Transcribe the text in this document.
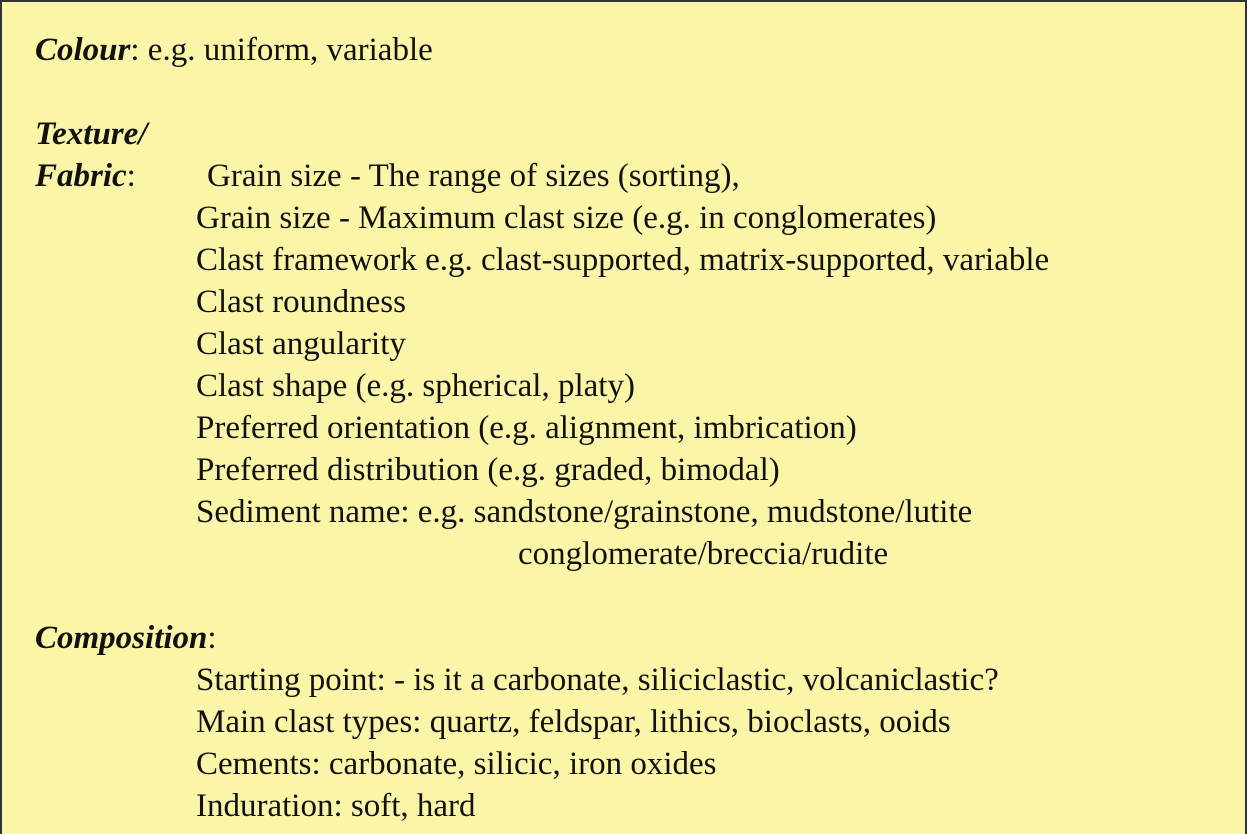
Colour: e.g. uniform, variable
Texture/
Fabric: Grain size - The range of sizes (sorting),
Grain size - Maximum clast size (e.g. in conglomerates)
Clast framework e.g. clast-supported, matrix-supported, variable
Clast roundness
Clast angularity
Clast shape (e.g. spherical, platy)
Preferred orientation (e.g. alignment, imbrication)
Preferred distribution (e.g. graded, bimodal)
Sediment name: e.g. sandstone/grainstone, mudstone/lutite
conglomerate/breccia/rudite
Composition:
Starting point: - is it a carbonate, siliciclastic, volcaniclastic?
Main clast types: quartz, feldspar, lithics, bioclasts, ooids
Cements: carbonate, silicic, iron oxides
Induration: soft, hard
